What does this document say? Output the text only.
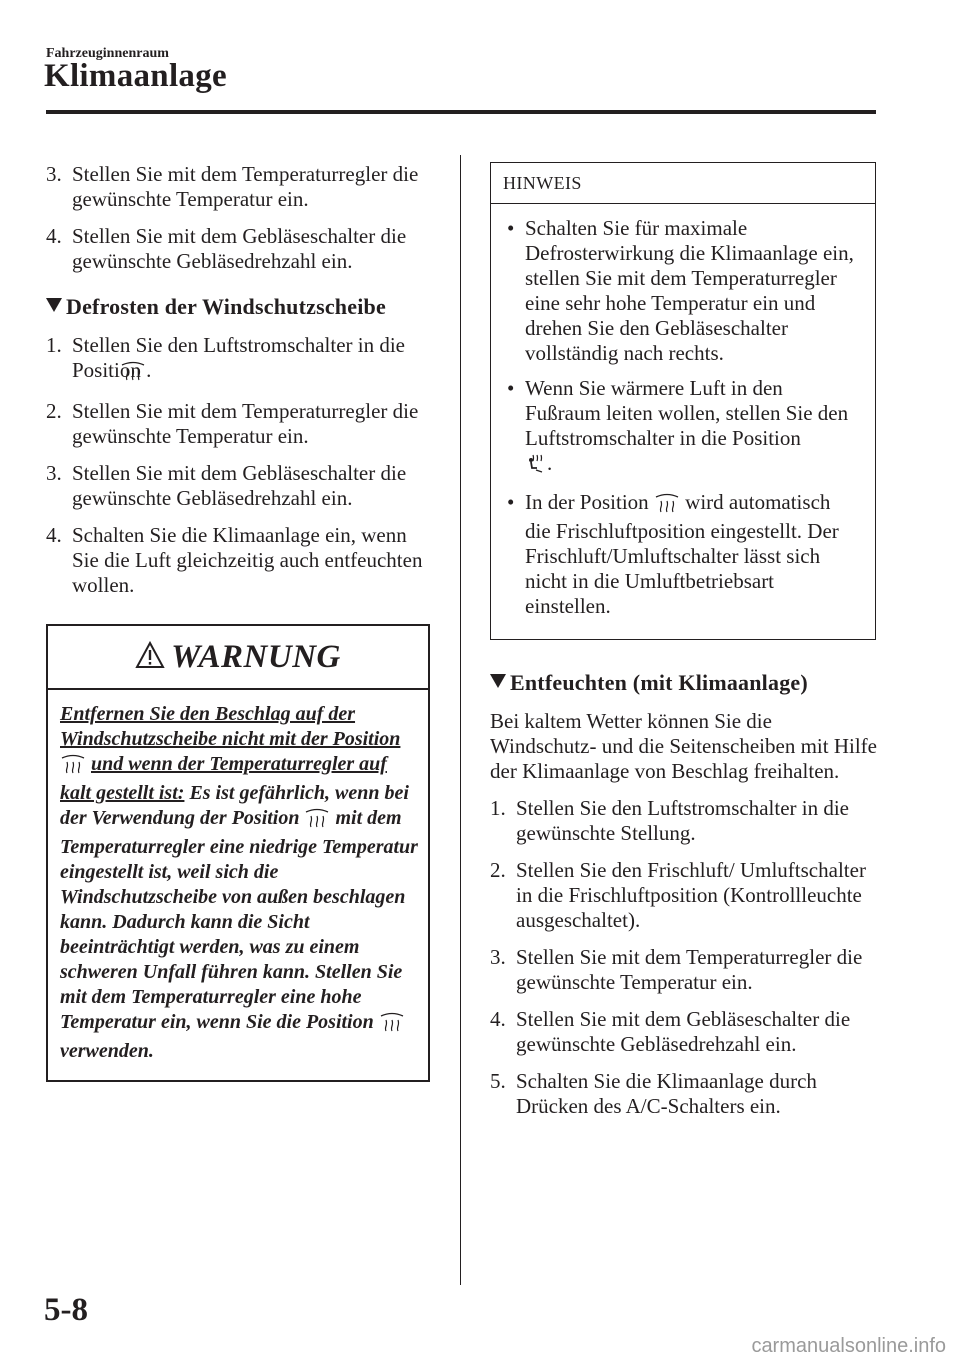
Fahrzeuginnenraum
Klimaanlage
3. Stellen Sie mit dem Temperaturregler die gewünschte Temperatur ein.
4. Stellen Sie mit dem Gebläseschalter die gewünschte Gebläsedrehzahl ein.
Defrosten der Windschutzscheibe
1. Stellen Sie den Luftstromschalter in die Position .
2. Stellen Sie mit dem Temperaturregler die gewünschte Temperatur ein.
3. Stellen Sie mit dem Gebläseschalter die gewünschte Gebläsedrehzahl ein.
4. Schalten Sie die Klimaanlage ein, wenn Sie die Luft gleichzeitig auch entfeuchten wollen.
WARNUNG
Entfernen Sie den Beschlag auf der Windschutzscheibe nicht mit der Position  und wenn der Temperaturregler auf kalt gestellt ist: Es ist gefährlich, wenn bei der Verwendung der Position mit dem Temperaturregler eine niedrige Temperatur eingestellt ist, weil sich die Windschutzscheibe von außen beschlagen kann. Dadurch kann die Sicht beeinträchtigt werden, was zu einem schweren Unfall führen kann. Stellen Sie mit dem Temperaturregler eine hohe Temperatur ein, wenn Sie die Position  verwenden.
HINWEIS
• Schalten Sie für maximale Defrosterwirkung die Klimaanlage ein, stellen Sie mit dem Temperaturregler eine sehr hohe Temperatur ein und drehen Sie den Gebläseschalter vollständig nach rechts.
• Wenn Sie wärmere Luft in den Fußraum leiten wollen, stellen Sie den Luftstromschalter in die Position
.
• In der Position wird automatisch die Frischluftposition eingestellt. Der Frischluft/Umluftschalter lässt sich nicht in die Umluftbetriebsart einstellen.
Entfeuchten (mit Klimaanlage)
Bei kaltem Wetter können Sie die Windschutz- und die Seitenscheiben mit Hilfe der Klimaanlage von Beschlag freihalten.
1. Stellen Sie den Luftstromschalter in die gewünschte Stellung.
2. Stellen Sie den Frischluft/ Umluftschalter in die Frischluftposition (Kontrollleuchte ausgeschaltet).
3. Stellen Sie mit dem Temperaturregler die gewünschte Temperatur ein.
4. Stellen Sie mit dem Gebläseschalter die gewünschte Gebläsedrehzahl ein.
5. Schalten Sie die Klimaanlage durch Drücken des A/C-Schalters ein.
5-8
carmanualsonline.info
